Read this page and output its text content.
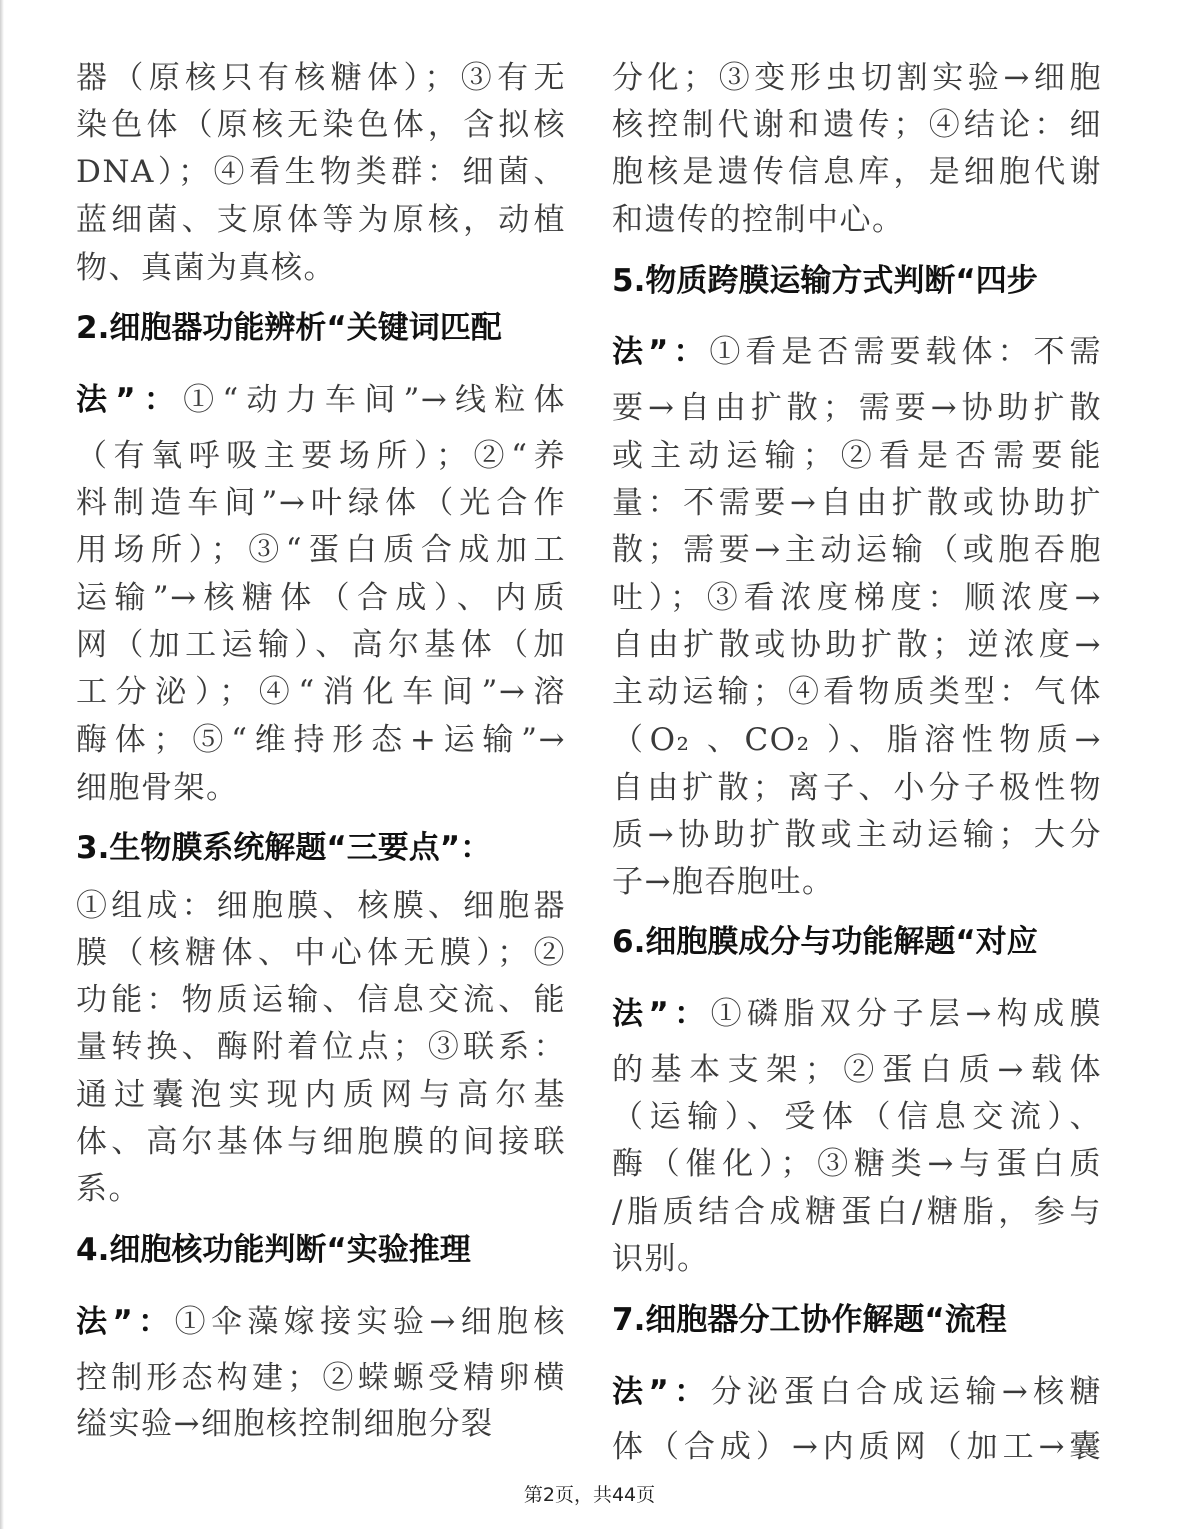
器（原核只有核糖体）；③有无
染色体（原核无染色体，含拟核
DNA）；④看生物类群：细菌、
蓝细菌、支原体等为原核，动植
物、真菌为真核。
2.细胞器功能辨析“关键词匹配
法”：①“动力车间”→线粒体
（有氧呼吸主要场所）；②“养
料制造车间”→叶绿体（光合作
用场所）；③“蛋白质合成加工
运输”→核糖体（合成）、内质
网（加工运输）、高尔基体（加
工分泌）；④“消化车间”→溶
酶体；⑤“维持形态+运输”→
细胞骨架。
3.生物膜系统解题“三要点”：
①组成：细胞膜、核膜、细胞器
膜（核糖体、中心体无膜）；②
功能：物质运输、信息交流、能
量转换、酶附着位点；③联系：
通过囊泡实现内质网与高尔基
体、高尔基体与细胞膜的间接联
系。
4.细胞核功能判断“实验推理
法”：①伞藻嫁接实验→细胞核
控制形态构建；②蝾螈受精卵横
缢实验→细胞核控制细胞分裂
分化；③变形虫切割实验→细胞
核控制代谢和遗传；④结论：细
胞核是遗传信息库，是细胞代谢
和遗传的控制中心。
5.物质跨膜运输方式判断“四步
法”：①看是否需要载体：不需
要→自由扩散；需要→协助扩散
或主动运输；②看是否需要能
量：不需要→自由扩散或协助扩
散；需要→主动运输（或胞吞胞
吐）；③看浓度梯度：顺浓度→
自由扩散或协助扩散；逆浓度→
主动运输；④看物质类型：气体
（O₂ 、CO₂ ）、脂溶性物质→
自由扩散；离子、小分子极性物
质→协助扩散或主动运输；大分
子→胞吞胞吐。
6.细胞膜成分与功能解题“对应
法”：①磷脂双分子层→构成膜
的基本支架；②蛋白质→载体
（运输）、受体（信息交流）、
酶（催化）；③糖类→与蛋白质
/脂质结合成糖蛋白/糖脂，参与
识别。
7.细胞器分工协作解题“流程
法”：分泌蛋白合成运输→核糖
体（合成）→内质网（加工→囊
第2页，共44页
